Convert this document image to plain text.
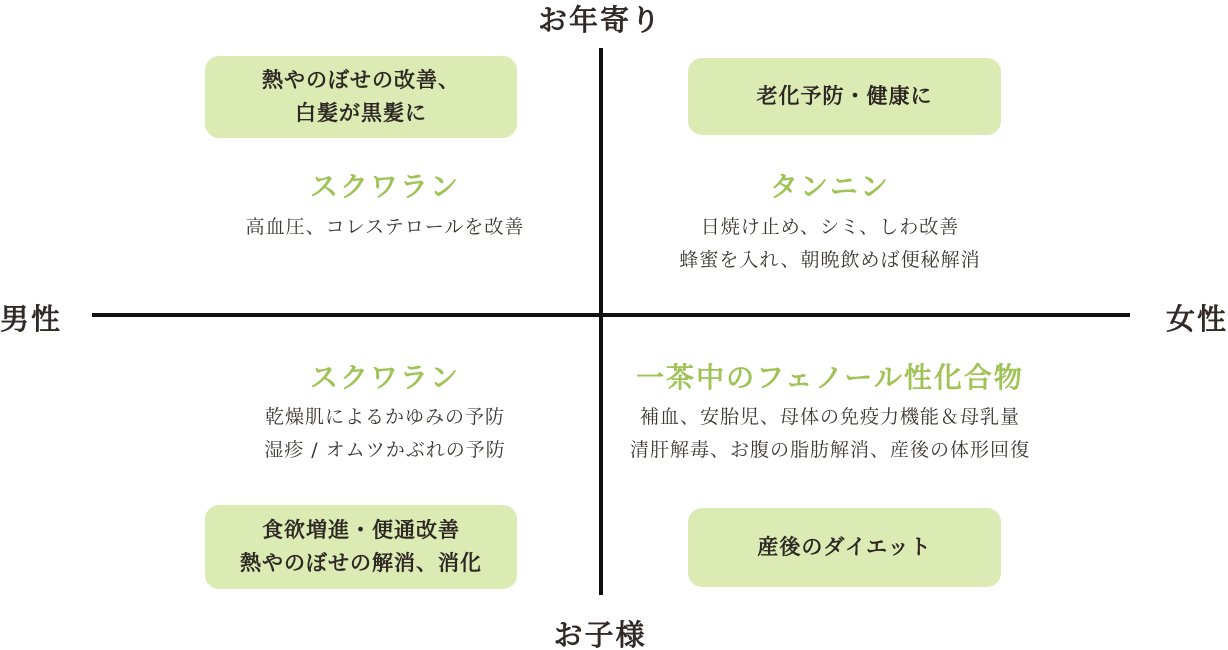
お年寄り
お子様
男性	女性
熱やのぼせの改善、
白髪が黒髪に
スクワラン
高血圧、コレステロールを改善
老化予防・健康に
タンニン
日焼け止め、シミ、しわ改善
蜂蜜を入れ、朝晩飲めば便秘解消
スクワラン
乾燥肌によるかゆみの予防
湿疹 / オムツかぶれの予防
食欲増進・便通改善
熱やのぼせの解消、消化
一茶中のフェノール性化合物
補血、安胎児、母体の免疫力機能＆母乳量
清肝解毒、お腹の脂肪解消、産後の体形回復
産後のダイエット
